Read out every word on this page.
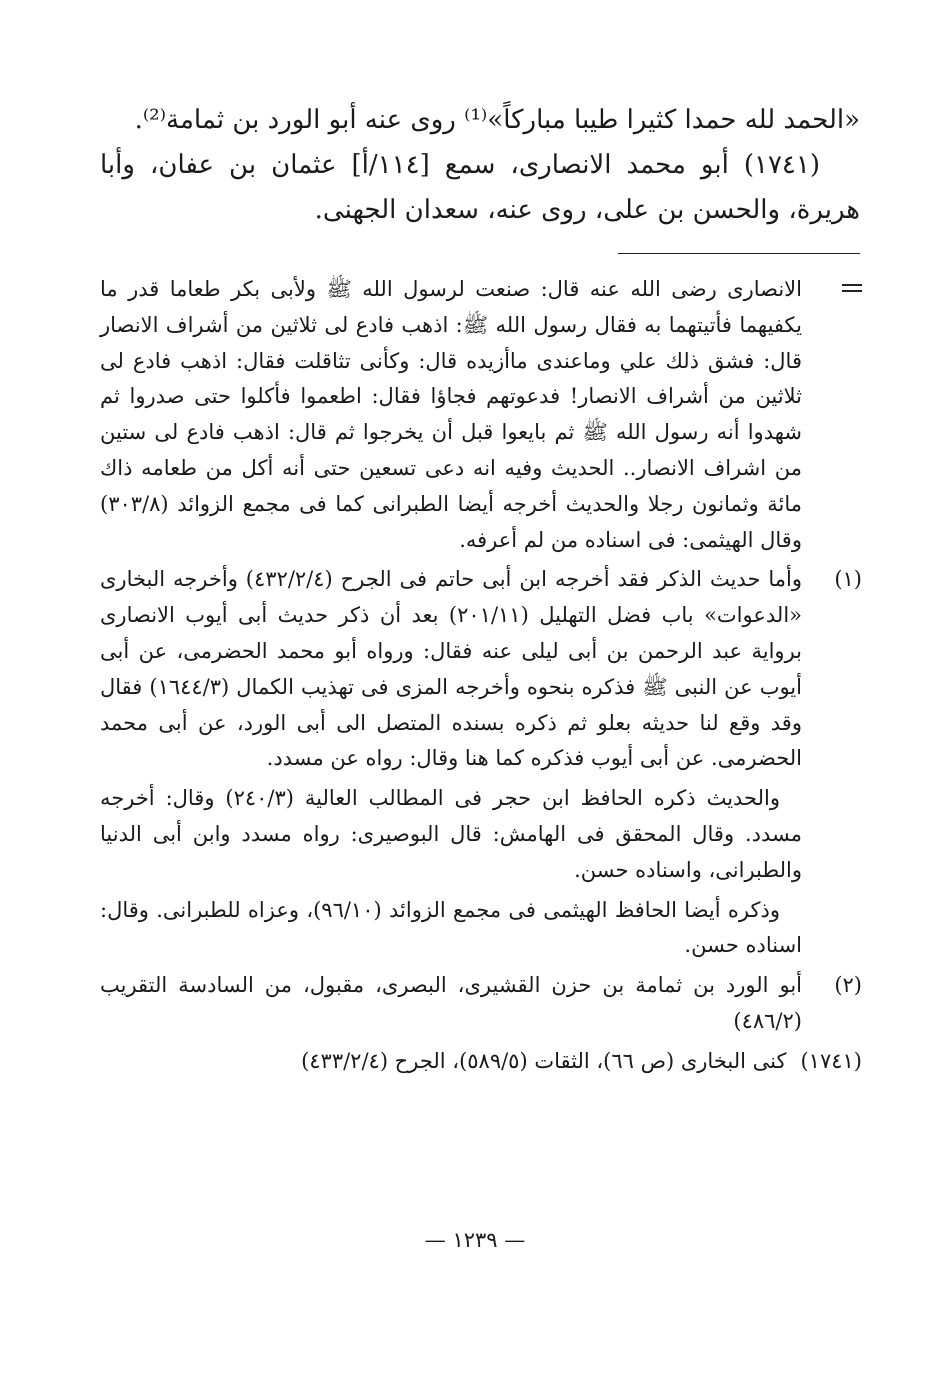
«الحمد لله حمدا كثيرا طيبا مباركاً»⁽¹⁾ روى عنه أبو الورد بن ثمامة⁽²⁾.

(١٧٤١) أبو محمد الانصارى، سمع [١١٤/أ] عثمان بن عفان، وأبا هريرة، والحسن بن على، روى عنه، سعدان الجهنى.

الانصارى رضى الله عنه قال: صنعت لرسول الله ﷺ ولأبى بكر طعاما قدر ما يكفيهما فأتيتهما به فقال رسول الله ﷺ: اذهب فادع لى ثلاثين من أشراف الانصار قال: فشق ذلك علي وماعندى ماأزيده قال: وكأنى تثاقلت فقال: اذهب فادع لى ثلاثين من أشراف الانصار! فدعوتهم فجاؤا فقال: اطعموا فأكلوا حتى صدروا ثم شهدوا أنه رسول الله ﷺ ثم بايعوا قبل أن يخرجوا ثم قال: اذهب فادع لى ستين من اشراف الانصار.. الحديث وفيه انه دعى تسعين حتى أنه أكل من طعامه ذاك مائة وثمانون رجلا والحديث أخرجه أيضا الطبرانى كما فى مجمع الزوائد (٣٠٣/٨) وقال الهيثمى: فى اسناده من لم أعرفه.

(١)

وأما حديث الذكر فقد أخرجه ابن أبى حاتم فى الجرح (٤٣٢/٢/٤) وأخرجه البخارى «الدعوات» باب فضل التهليل (٢٠١/١١) بعد أن ذكر حديث أبى أيوب الانصارى برواية عبد الرحمن بن أبى ليلى عنه فقال: ورواه أبو محمد الحضرمى، عن أبى أيوب عن النبى ﷺ فذكره بنحوه وأخرجه المزى فى تهذيب الكمال (١٦٤٤/٣) فقال وقد وقع لنا حديثه بعلو ثم ذكره بسنده المتصل الى أبى الورد، عن أبى محمد الحضرمى. عن أبى أيوب فذكره كما هنا وقال: رواه عن مسدد.

والحديث ذكره الحافظ ابن حجر فى المطالب العالية (٢٤٠/٣) وقال: أخرجه مسدد. وقال المحقق فى الهامش: قال البوصيرى: رواه مسدد وابن أبى الدنيا والطبرانى، واسناده حسن.

وذكره أيضا الحافظ الهيثمى فى مجمع الزوائد (٩٦/١٠)، وعزاه للطبرانى. وقال: اسناده حسن.

(٢)

أبو الورد بن ثمامة بن حزن القشيرى، البصرى، مقبول، من السادسة التقريب (٤٨٦/٢)

(١٧٤١)

كنى البخارى (ص ٦٦)، الثقات (٥٨٩/٥)، الجرح (٤٣٣/٢/٤)

— ١٢٣٩ —
